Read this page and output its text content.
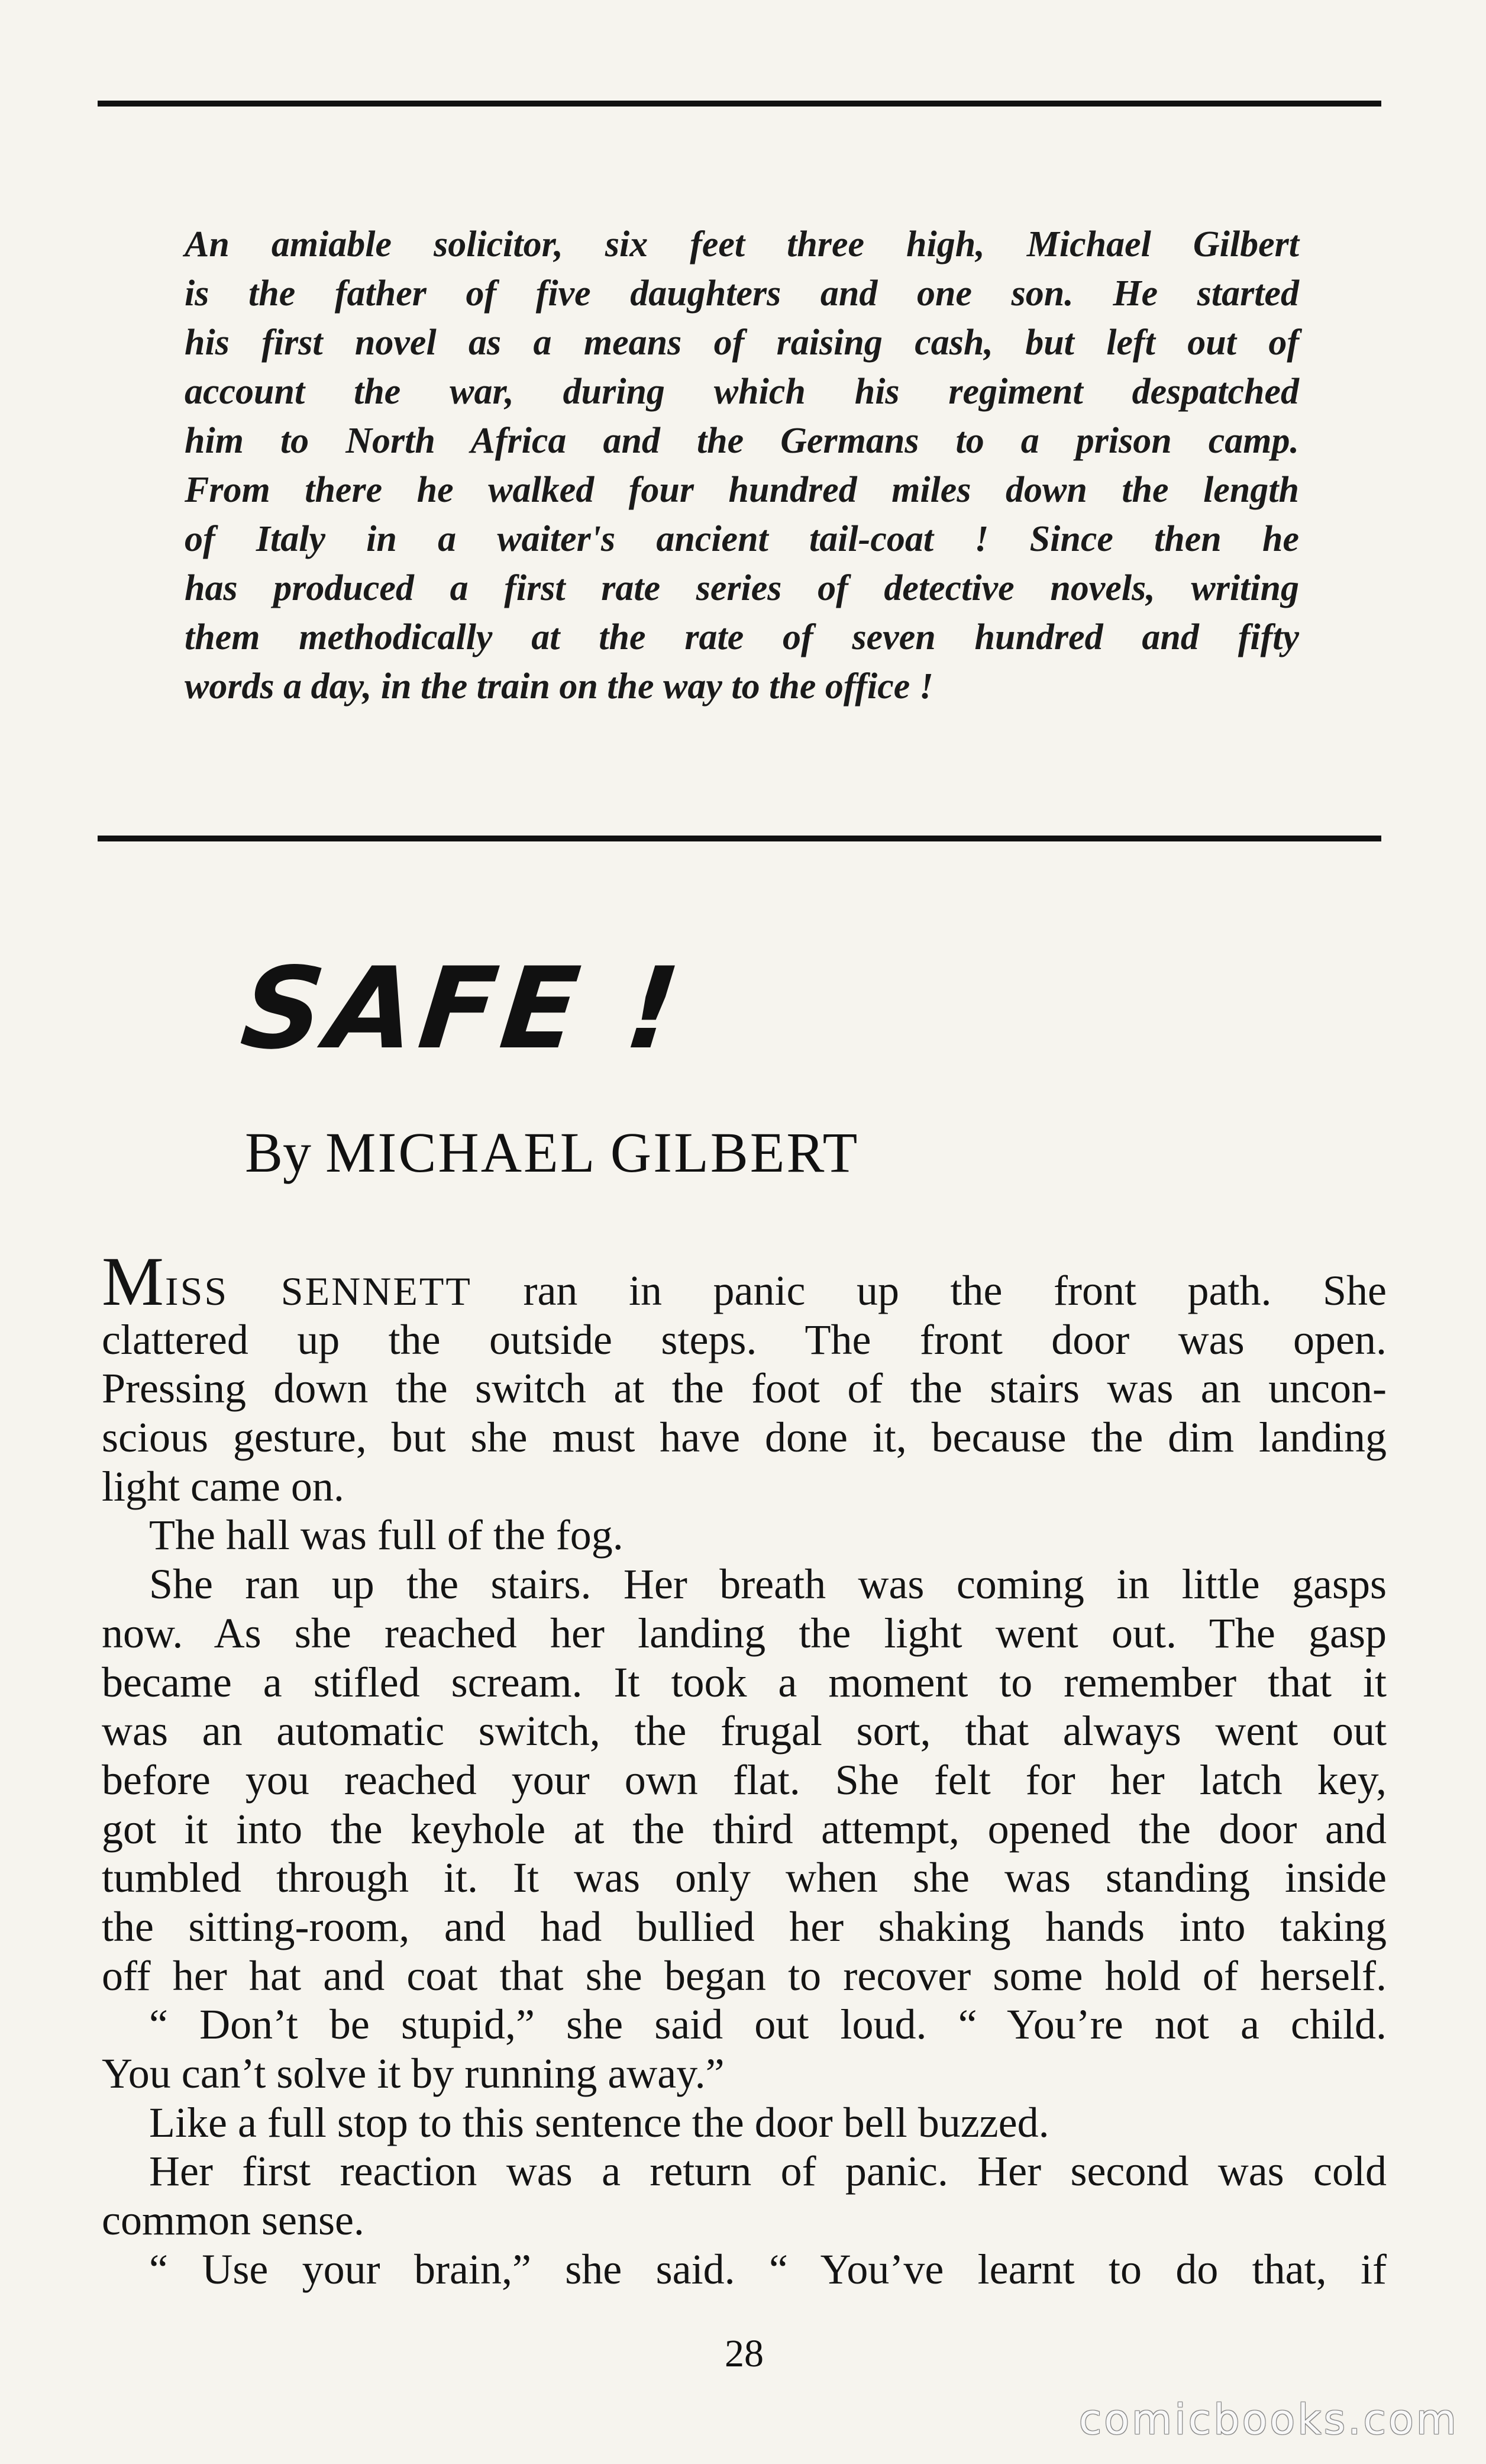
An amiable solicitor, six feet three high, Michael Gilbert
is the father of five daughters and one son. He started
his first novel as a means of raising cash, but left out of
account the war, during which his regiment despatched
him to North Africa and the Germans to a prison camp.
From there he walked four hundred miles down the length
of Italy in a waiter's ancient tail-coat ! Since then he
has produced a first rate series of detective novels, writing
them methodically at the rate of seven hundred and fifty
words a day, in the train on the way to the office !
SAFE !
By MICHAEL GILBERT
MISS SENNETT ran in panic up the front path. She
clattered up the outside steps. The front door was open.
Pressing down the switch at the foot of the stairs was an uncon-
scious gesture, but she must have done it, because the dim landing
light came on.
The hall was full of the fog.
She ran up the stairs. Her breath was coming in little gasps
now. As she reached her landing the light went out. The gasp
became a stifled scream. It took a moment to remember that it
was an automatic switch, the frugal sort, that always went out
before you reached your own flat. She felt for her latch key,
got it into the keyhole at the third attempt, opened the door and
tumbled through it. It was only when she was standing inside
the sitting-room, and had bullied her shaking hands into taking
off her hat and coat that she began to recover some hold of herself.
“ Don’t be stupid,” she said out loud. “ You’re not a child.
You can’t solve it by running away.”
Like a full stop to this sentence the door bell buzzed.
Her first reaction was a return of panic. Her second was cold
common sense.
“ Use your brain,” she said. “ You’ve learnt to do that, if
28
comicbooks.com
